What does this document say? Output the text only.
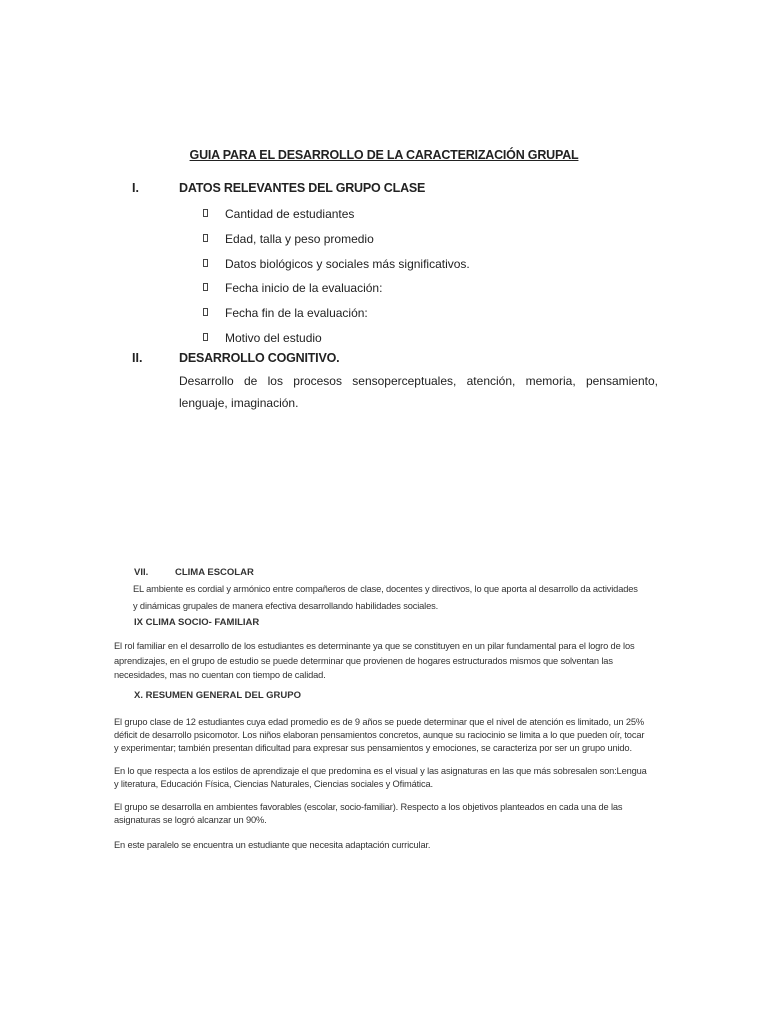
GUIA PARA EL DESARROLLO DE LA CARACTERIZACIÓN GRUPAL
I.	DATOS RELEVANTES DEL GRUPO CLASE
Cantidad de estudiantes
Edad, talla y peso promedio
Datos biológicos y sociales más significativos.
Fecha inicio de la evaluación:
Fecha fin de la evaluación:
Motivo del estudio
II.	DESARROLLO COGNITIVO.
Desarrollo de los procesos sensoperceptuales, atención, memoria, pensamiento, lenguaje, imaginación.
VII.	CLIMA ESCOLAR
EL ambiente es cordial y armónico entre compañeros de clase, docentes y directivos, lo que aporta al desarrollo da actividades
y dinámicas grupales de manera efectiva desarrollando habilidades sociales.
IX CLIMA SOCIO- FAMILIAR
El rol familiar en el desarrollo de los estudiantes es determinante ya que se constituyen en un pilar fundamental para el logro de los
aprendizajes, en el grupo de estudio se puede determinar que provienen de hogares estructurados mismos que solventan las
necesidades, mas no cuentan con tiempo de calidad.
X. RESUMEN GENERAL DEL GRUPO
El grupo clase de 12 estudiantes cuya edad promedio es de 9 años se puede determinar que el nivel de atención es limitado, un 25%
déficit de desarrollo psicomotor. Los niños elaboran pensamientos concretos, aunque su raciocinio se limita a lo que pueden oír, tocar
y experimentar; también presentan dificultad para expresar sus pensamientos y emociones, se caracteriza por ser un grupo unido.
En lo que respecta a los estilos de aprendizaje el que predomina es el visual y las asignaturas en las que más sobresalen son:Lengua
y literatura, Educación Física, Ciencias Naturales, Ciencias sociales y Ofimática.
El grupo se desarrolla en ambientes favorables (escolar, socio-familiar). Respecto a los objetivos planteados en cada una de las
asignaturas se logró alcanzar un 90%.
En este paralelo se encuentra un estudiante que necesita adaptación curricular.
